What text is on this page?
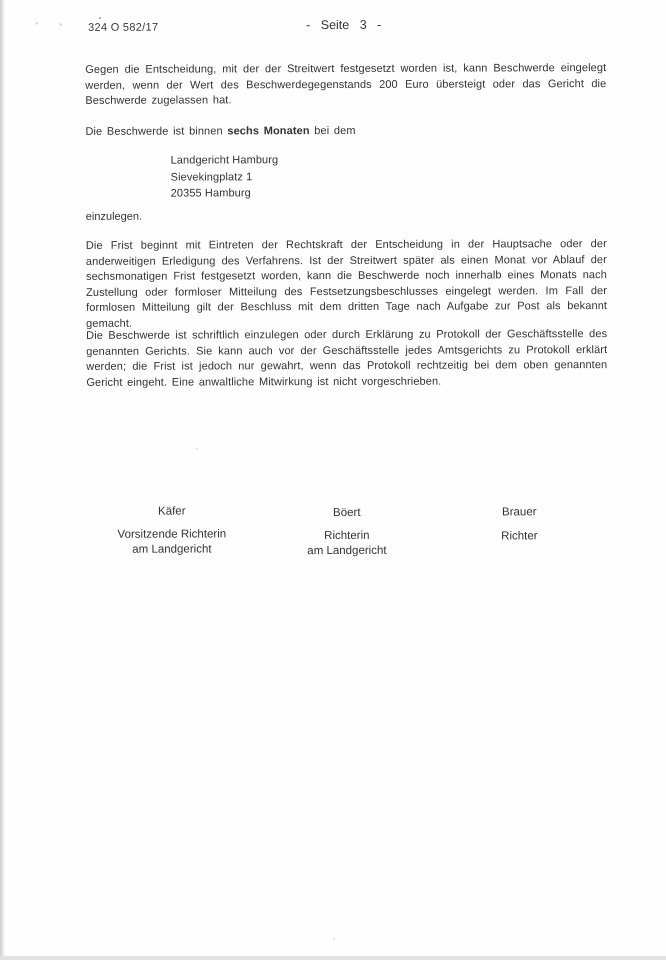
' ' 324 O 582/17	- Seite 3 -

Gegen die Entscheidung, mit der der Streitwert festgesetzt worden ist, kann Beschwerde eingelegt werden, wenn der Wert des Beschwerdegegenstands 200 Euro übersteigt oder das Gericht die Beschwerde zugelassen hat.

Die Beschwerde ist binnen sechs Monaten bei dem

Landgericht Hamburg
Sievekingplatz 1
20355 Hamburg

einzulegen.

Die Frist beginnt mit Eintreten der Rechtskraft der Entscheidung in der Hauptsache oder der anderweitigen Erledigung des Verfahrens. Ist der Streitwert später als einen Monat vor Ablauf der sechsmonatigen Frist festgesetzt worden, kann die Beschwerde noch innerhalb eines Monats nach Zustellung oder formloser Mitteilung des Festsetzungsbeschlusses eingelegt werden. Im Fall der formlosen Mitteilung gilt der Beschluss mit dem dritten Tage nach Aufgabe zur Post als bekannt gemacht.

Die Beschwerde ist schriftlich einzulegen oder durch Erklärung zu Protokoll der Geschäftsstelle des genannten Gerichts. Sie kann auch vor der Geschäftsstelle jedes Amtsgerichts zu Protokoll erklärt werden; die Frist ist jedoch nur gewahrt, wenn das Protokoll rechtzeitig bei dem oben genannten Gericht eingeht. Eine anwaltliche Mitwirkung ist nicht vorgeschrieben.

Käfer
Vorsitzende Richterin
am Landgericht
Böert
Richterin
am Landgericht
Brauer
Richter
